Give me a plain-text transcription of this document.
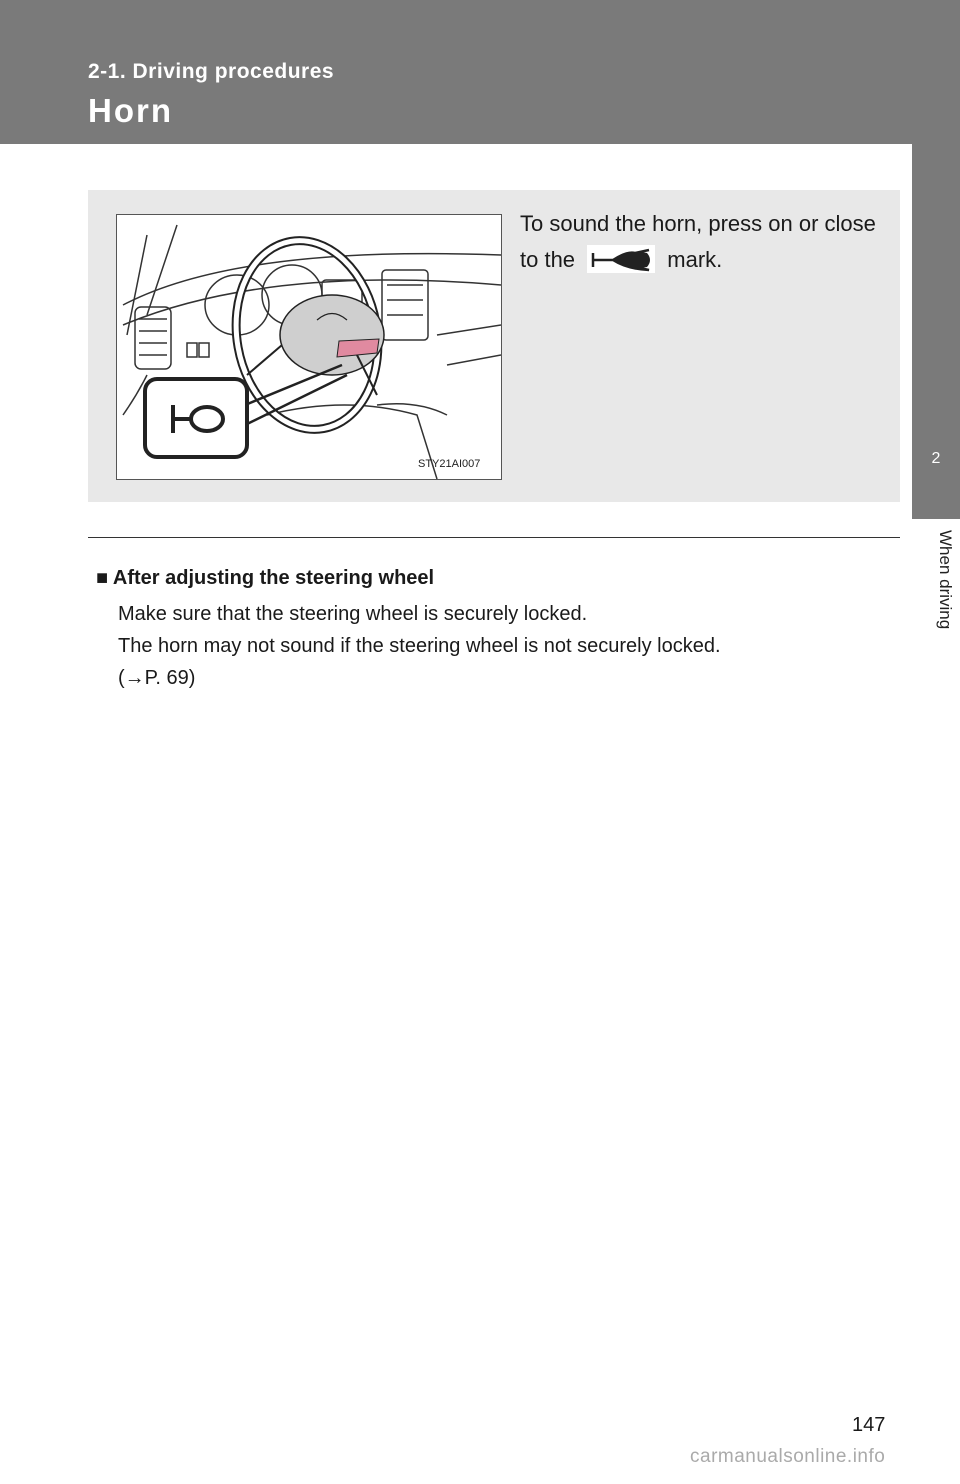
2-1. Driving procedures
Horn
2
When driving
STY21AI007
To sound the horn, press on or close to the	mark.
■ After adjusting the steering wheel
Make sure that the steering wheel is securely locked.
The horn may not sound if the steering wheel is not securely locked.
(→P. 69)
147
carmanualsonline.info
